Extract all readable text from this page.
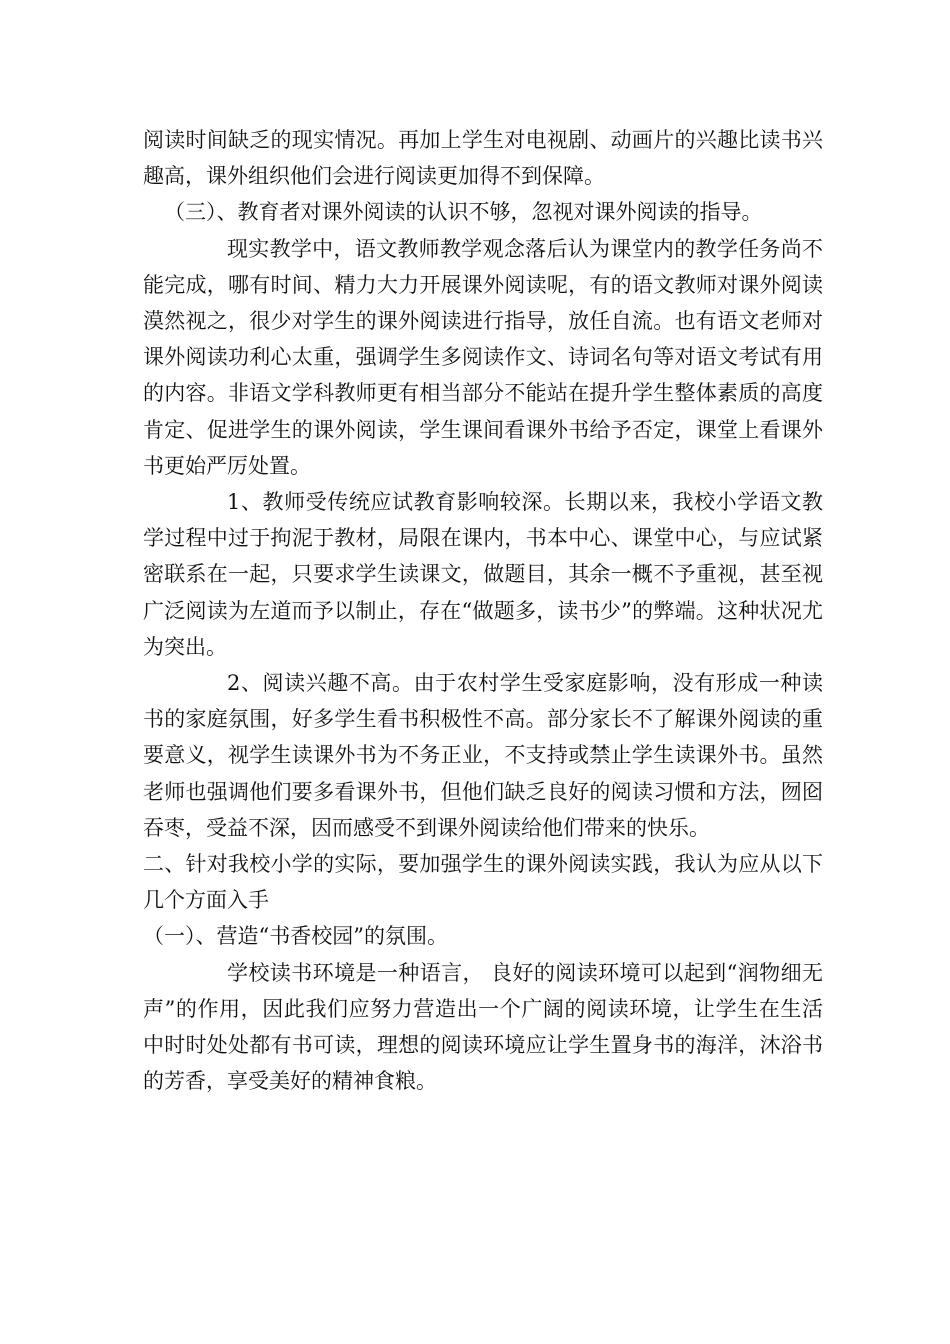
阅读时间缺乏的现实情况。再加上学生对电视剧、动画片的兴趣比读书兴趣高，课外组织他们会进行阅读更加得不到保障。

（三）、教育者对课外阅读的认识不够，忽视对课外阅读的指导。

现实教学中，语文教师教学观念落后认为课堂内的教学任务尚不能完成，哪有时间、精力大力开展课外阅读呢，有的语文教师对课外阅读漠然视之，很少对学生的课外阅读进行指导，放任自流。也有语文老师对课外阅读功利心太重，强调学生多阅读作文、诗词名句等对语文考试有用的内容。非语文学科教师更有相当部分不能站在提升学生整体素质的高度肯定、促进学生的课外阅读，学生课间看课外书给予否定，课堂上看课外书更始严厉处置。

1、教师受传统应试教育影响较深。长期以来，我校小学语文教学过程中过于拘泥于教材，局限在课内，书本中心、课堂中心，与应试紧密联系在一起，只要求学生读课文，做题目，其余一概不予重视，甚至视广泛阅读为左道而予以制止，存在“做题多，读书少”的弊端。这种状况尤为突出。

2、阅读兴趣不高。由于农村学生受家庭影响，没有形成一种读书的家庭氛围，好多学生看书积极性不高。部分家长不了解课外阅读的重要意义，视学生读课外书为不务正业，不支持或禁止学生读课外书。虽然老师也强调他们要多看课外书，但他们缺乏良好的阅读习惯和方法，囫囵吞枣，受益不深，因而感受不到课外阅读给他们带来的快乐。

二、针对我校小学的实际，要加强学生的课外阅读实践，我认为应从以下几个方面入手

（一）、营造“书香校园”的氛围。

学校读书环境是一种语言， 良好的阅读环境可以起到“润物细无声”的作用，因此我们应努力营造出一个广阔的阅读环境，让学生在生活中时时处处都有书可读，理想的阅读环境应让学生置身书的海洋，沐浴书的芳香，享受美好的精神食粮。
